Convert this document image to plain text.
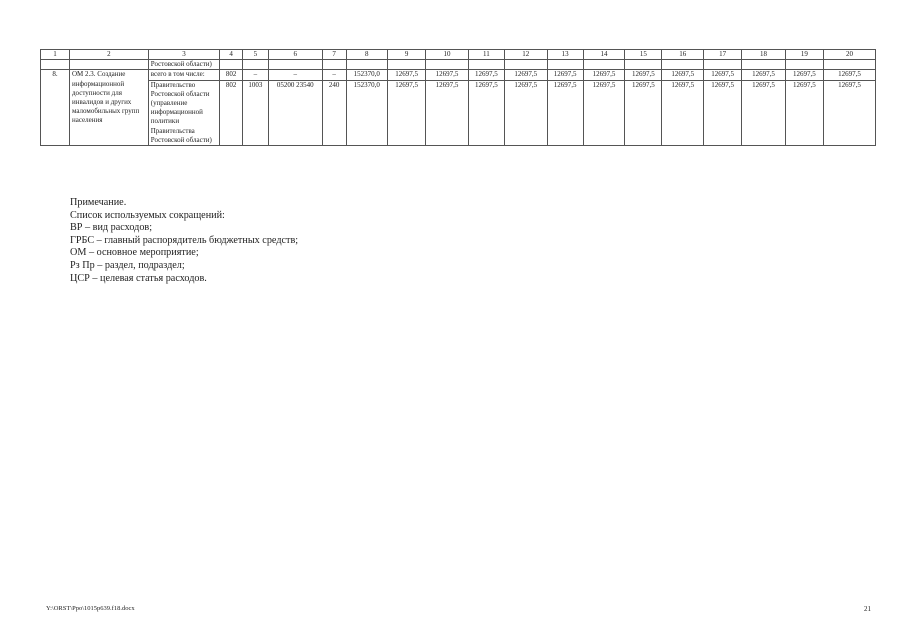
1	2	3	4	5	6	7	8	9	10	11	12	13	14	15	16	17	18	19	20
		Ростовской области)																	
8.	ОМ 2.3. Создание информационной доступности для инвалидов и других маломобильных групп населения	всего в том числе:	802	–	–	–	152370,0	12697,5	12697,5	12697,5	12697,5	12697,5	12697,5	12697,5	12697,5	12697,5	12697,5	12697,5	12697,5
		Правительство Ростовской области (управление информационной политики Правительства Ростовской области)	802	1003	05200 23540	240	152370,0	12697,5	12697,5	12697,5	12697,5	12697,5	12697,5	12697,5	12697,5	12697,5	12697,5	12697,5	12697,5
Примечание.
Список используемых сокращений:
ВР – вид расходов;
ГРБС – главный распорядитель бюджетных средств;
ОМ – основное мероприятие;
Рз Пр – раздел, подраздел;
ЦСР – целевая статья расходов.
Y:\ORST\Ppo\1015p639.f18.docx	21
